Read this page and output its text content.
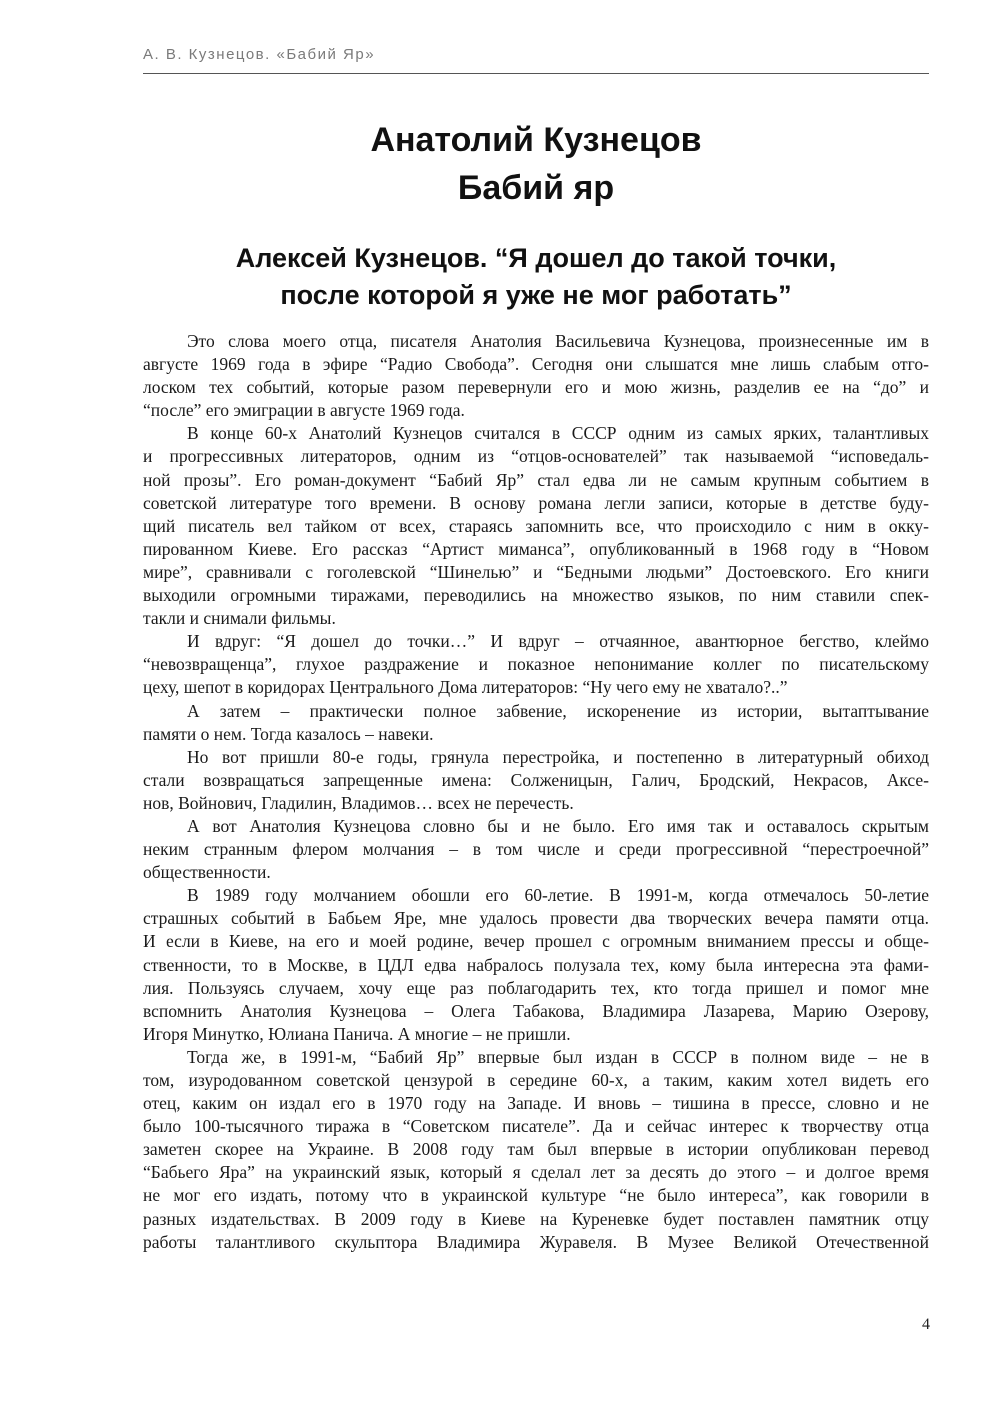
А. В. Кузнецов. «Бабий Яр»
Анатолий Кузнецов
Бабий яр
Алексей Кузнецов. “Я дошел до такой точки,
после которой я уже не мог работать”
Это слова моего отца, писателя Анатолия Васильевича Кузнецова, произнесенные им в
августе 1969 года в эфире “Радио Свобода”. Сегодня они слышатся мне лишь слабым отго-
лоском тех событий, которые разом перевернули его и мою жизнь, разделив ее на “до” и
“после” его эмиграции в августе 1969 года.
В конце 60-х Анатолий Кузнецов считался в СССР одним из самых ярких, талантливых
и прогрессивных литераторов, одним из “отцов-основателей” так называемой “исповедаль-
ной прозы”. Его роман-документ “Бабий Яр” стал едва ли не самым крупным событием в
советской литературе того времени. В основу романа легли записи, которые в детстве буду-
щий писатель вел тайком от всех, стараясь запомнить все, что происходило с ним в окку-
пированном Киеве. Его рассказ “Артист миманса”, опубликованный в 1968 году в “Новом
мире”, сравнивали с гоголевской “Шинелью” и “Бедными людьми” Достоевского. Его книги
выходили огромными тиражами, переводились на множество языков, по ним ставили спек-
такли и снимали фильмы.
И вдруг: “Я дошел до точки…” И вдруг – отчаянное, авантюрное бегство, клеймо
“невозвращенца”, глухое раздражение и показное непонимание коллег по писательскому
цеху, шепот в коридорах Центрального Дома литераторов: “Ну чего ему не хватало?..”
А затем – практически полное забвение, искоренение из истории, вытаптывание
памяти о нем. Тогда казалось – навеки.
Но вот пришли 80-е годы, грянула перестройка, и постепенно в литературный обиход
стали возвращаться запрещенные имена: Солженицын, Галич, Бродский, Некрасов, Аксе-
нов, Войнович, Гладилин, Владимов… всех не перечесть.
А вот Анатолия Кузнецова словно бы и не было. Его имя так и оставалось скрытым
неким странным флером молчания – в том числе и среди прогрессивной “перестроечной”
общественности.
В 1989 году молчанием обошли его 60-летие. В 1991-м, когда отмечалось 50-летие
страшных событий в Бабьем Яре, мне удалось провести два творческих вечера памяти отца.
И если в Киеве, на его и моей родине, вечер прошел с огромным вниманием прессы и обще-
ственности, то в Москве, в ЦДЛ едва набралось полузала тех, кому была интересна эта фами-
лия. Пользуясь случаем, хочу еще раз поблагодарить тех, кто тогда пришел и помог мне
вспомнить Анатолия Кузнецова – Олега Табакова, Владимира Лазарева, Марию Озерову,
Игоря Минутко, Юлиана Панича. А многие – не пришли.
Тогда же, в 1991-м, “Бабий Яр” впервые был издан в СССР в полном виде – не в
том, изуродованном советской цензурой в середине 60-х, а таким, каким хотел видеть его
отец, каким он издал его в 1970 году на Западе. И вновь – тишина в прессе, словно и не
было 100-тысячного тиража в “Советском писателе”. Да и сейчас интерес к творчеству отца
заметен скорее на Украине. В 2008 году там был впервые в истории опубликован перевод
“Бабьего Яра” на украинский язык, который я сделал лет за десять до этого – и долгое время
не мог его издать, потому что в украинской культуре “не было интереса”, как говорили в
разных издательствах. В 2009 году в Киеве на Куреневке будет поставлен памятник отцу
работы талантливого скульптора Владимира Журавеля. В Музее Великой Отечественной
4
